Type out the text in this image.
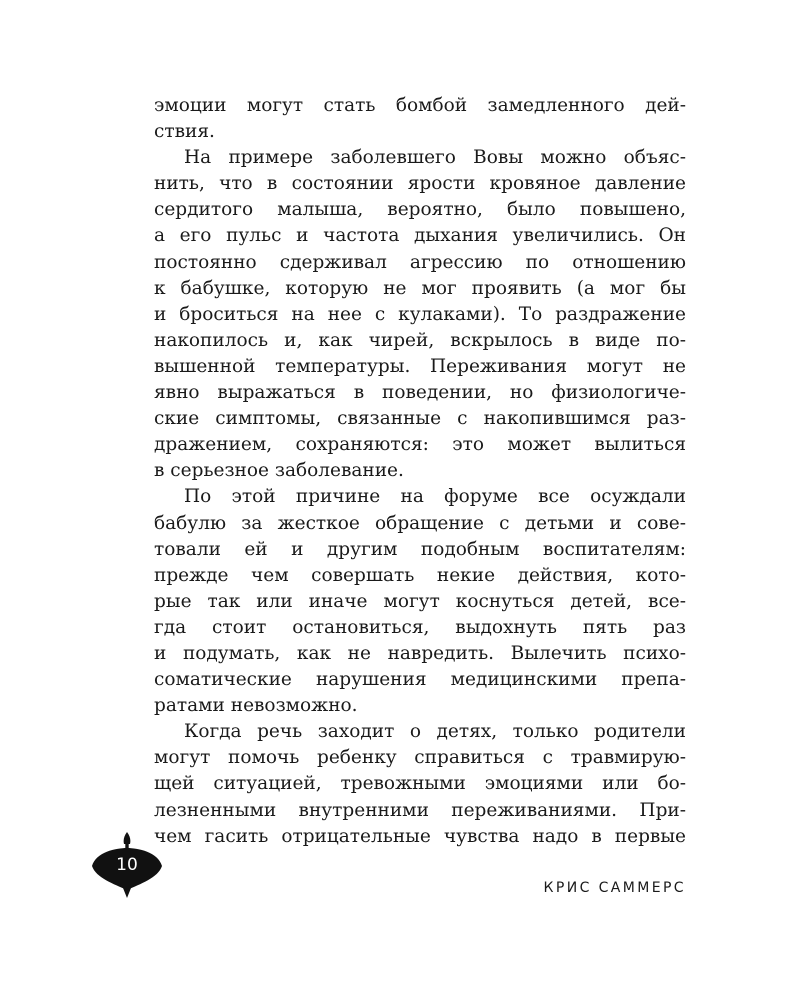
эмоции могут стать бомбой замедленного дей-
ствия.
На примере заболевшего Вовы можно объяс-
нить, что в состоянии ярости кровяное давление
сердитого малыша, вероятно, было повышено,
а его пульс и частота дыхания увеличились. Он
постоянно сдерживал агрессию по отношению
к бабушке, которую не мог проявить (а мог бы
и броситься на нее с кулаками). То раздражение
накопилось и, как чирей, вскрылось в виде по-
вышенной температуры. Переживания могут не
явно выражаться в поведении, но физиологиче-
ские симптомы, связанные с накопившимся раз-
дражением, сохраняются: это может вылиться
в серьезное заболевание.
По этой причине на форуме все осуждали
бабулю за жесткое обращение с детьми и сове-
товали ей и другим подобным воспитателям:
прежде чем совершать некие действия, кото-
рые так или иначе могут коснуться детей, все-
гда стоит остановиться, выдохнуть пять раз
и подумать, как не навредить. Вылечить психо-
соматические нарушения медицинскими препа-
ратами невозможно.
Когда речь заходит о детях, только родители
могут помочь ребенку справиться с травмирую-
щей ситуацией, тревожными эмоциями или бо-
лезненными внутренними переживаниями. При-
чем гасить отрицательные чувства надо в первые
10
КРИС САММЕРС
